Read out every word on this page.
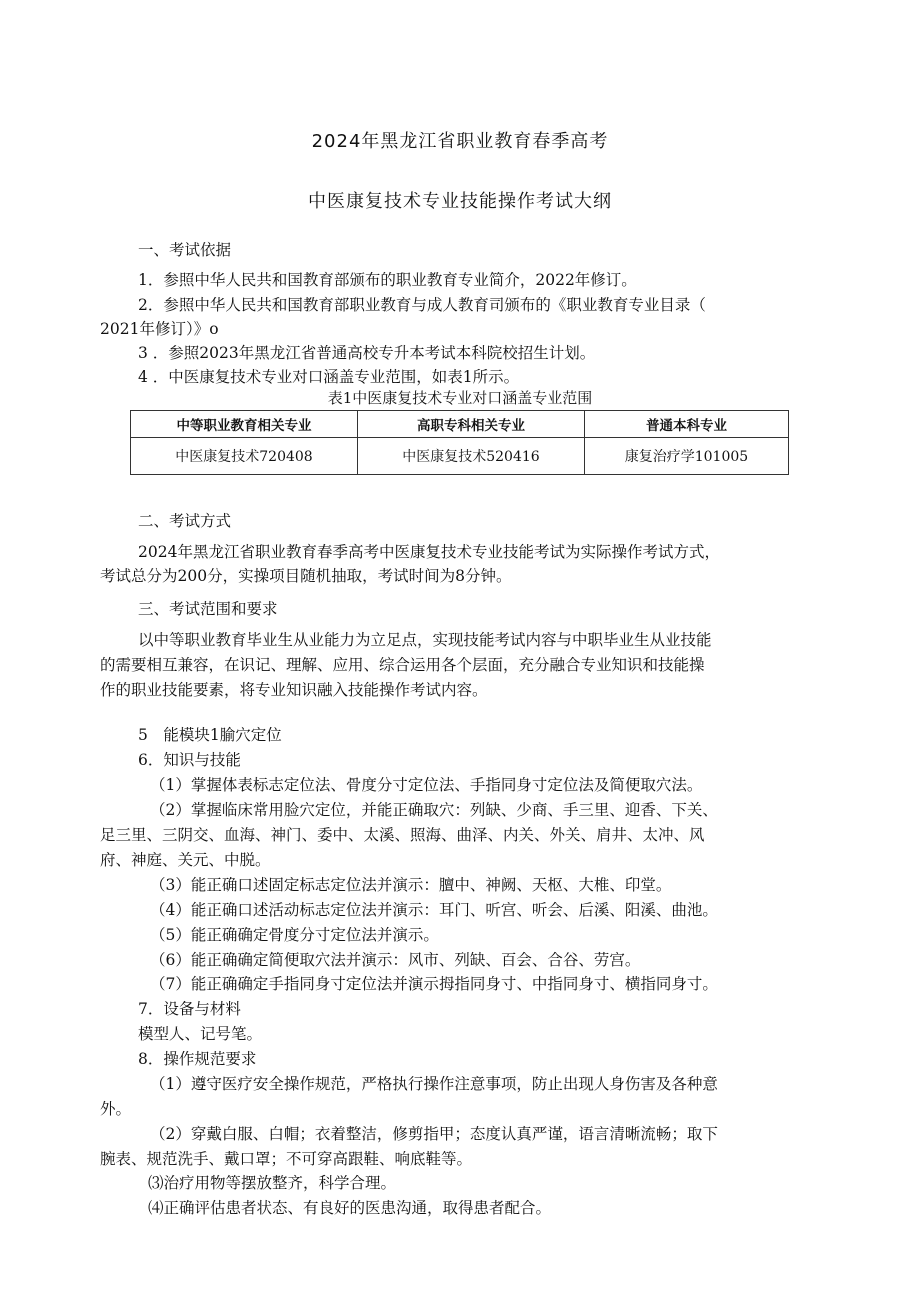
2024年黑龙江省职业教育春季高考
中医康复技术专业技能操作考试大纲
一、考试依据
1．参照中华人民共和国教育部颁布的职业教育专业简介，2022年修订。
2．参照中华人民共和国教育部职业教育与成人教育司颁布的《职业教育专业目录（
2021年修订）》o
3 ．参照2023年黑龙江省普通高校专升本考试本科院校招生计划。
4 ．中医康复技术专业对口涵盖专业范围，如表1所示。
表1中医康复技术专业对口涵盖专业范围
中等职业教育相关专业	高职专科相关专业	普通本科专业
中医康复技术720408	中医康复技术520416	康复治疗学101005
二、考试方式
2024年黑龙江省职业教育春季高考中医康复技术专业技能考试为实际操作考试方式，
考试总分为200分，实操项目随机抽取，考试时间为8分钟。
三、考试范围和要求
以中等职业教育毕业生从业能力为立足点，实现技能考试内容与中职毕业生从业技能
的需要相互兼容，在识记、理解、应用、综合运用各个层面，充分融合专业知识和技能操
作的职业技能要素，将专业知识融入技能操作考试内容。
5　能模块1腧穴定位
6．知识与技能
（1）掌握体表标志定位法、骨度分寸定位法、手指同身寸定位法及简便取穴法。
（2）掌握临床常用脸穴定位，并能正确取穴：列缺、少商、手三里、迎香、下关、
足三里、三阴交、血海、神门、委中、太溪、照海、曲泽、内关、外关、肩井、太冲、风
府、神庭、关元、中脱。
（3）能正确口述固定标志定位法并演示：膻中、神阙、天枢、大椎、印堂。
（4）能正确口述活动标志定位法并演示：耳门、听宫、听会、后溪、阳溪、曲池。
（5）能正确确定骨度分寸定位法并演示。
（6）能正确确定简便取穴法并演示：风市、列缺、百会、合谷、劳宫。
（7）能正确确定手指同身寸定位法并演示拇指同身寸、中指同身寸、横指同身寸。
7．设备与材料
模型人、记号笔。
8．操作规范要求
（1）遵守医疗安全操作规范，严格执行操作注意事项，防止出现人身伤害及各种意
外。
（2）穿戴白服、白帽；衣着整洁，修剪指甲；态度认真严谨，语言清晰流畅；取下
腕表、规范洗手、戴口罩；不可穿高跟鞋、响底鞋等。
⑶治疗用物等摆放整齐，科学合理。
⑷正确评估患者状态、有良好的医患沟通，取得患者配合。
